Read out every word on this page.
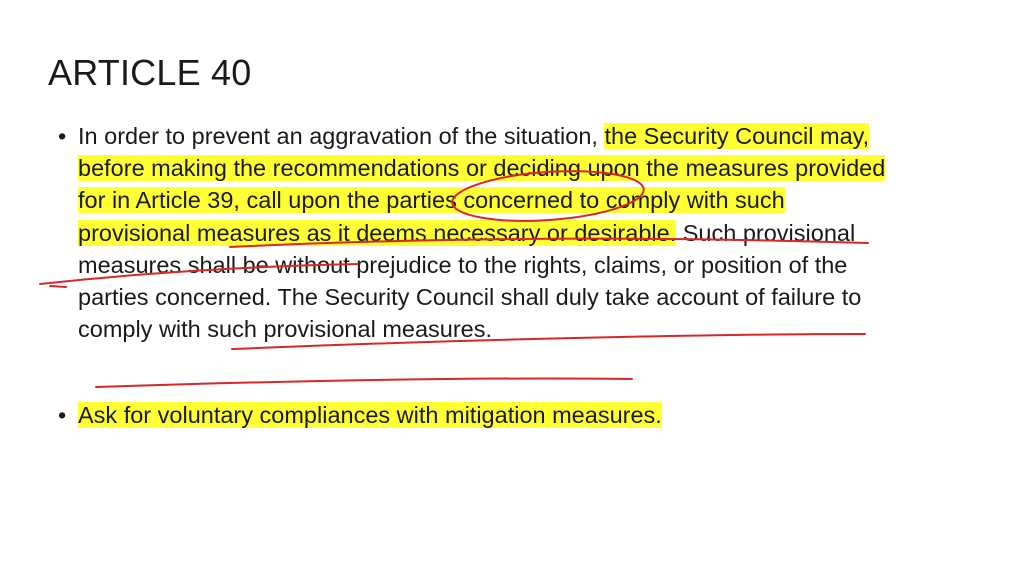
ARTICLE 40
• In order to prevent an aggravation of the situation, the Security Council may, before making the recommendations or deciding upon the measures provided for in Article 39, call upon the parties concerned to comply with such provisional measures as it deems necessary or desirable. Such provisional measures shall be without prejudice to the rights, claims, or position of the parties concerned. The Security Council shall duly take account of failure to comply with such provisional measures.
• Ask for voluntary compliances with mitigation measures.
